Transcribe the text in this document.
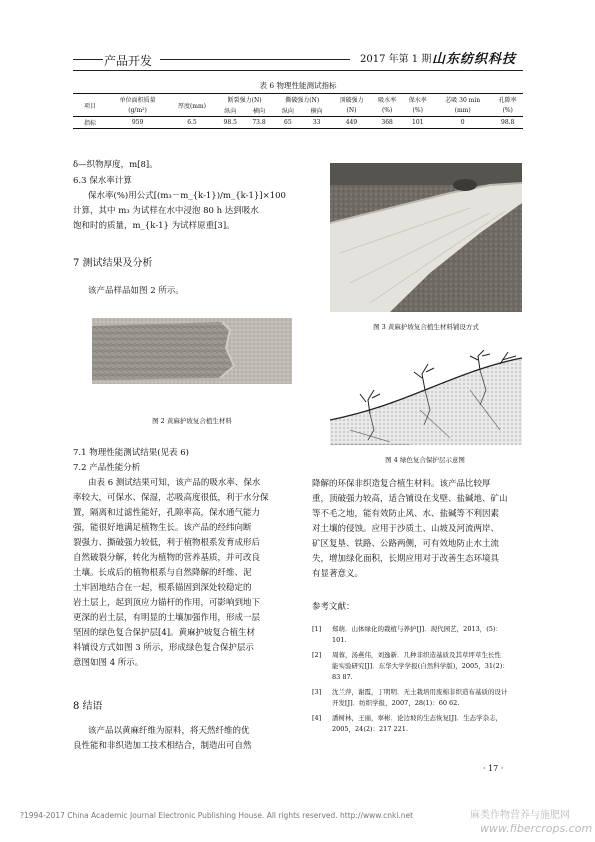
产品开发	2017 年第 1 期 山东纺织科技
表 6 物理性能测试指标
项目	单位面积质量	厚度(mm)	断裂强力(N)		撕破强力(N)		顶破强力	吸水率	保水率	芯吸 30 min	孔隙率
	(g/m²)		纵向	横向	纵向	横向	(N)	(%)	(%)	(mm)	(%)

指标	959	6.5	98.5	73.8	65	33	449	368	101	0	98.8
δ—织物厚度，m[8]。
6.3 保水率计算
保水率(%)用公式[(m₃－m_{k-1})/m_{k-1}]×100
计算，其中 m₃ 为试样在水中浸泡 80 h 达到吸水
饱和时的质量，m_{k-1} 为试样原重[3]。
7 测试结果及分析
该产品样品如图 2 所示。
图 2 黄麻护坡复合植生材料
7.1 物理性能测试结果(见表 6)
7.2 产品性能分析
由表 6 测试结果可知，该产品的吸水率、保水
率较大，可保水、保湿，芯吸高度很低，利于水分保
置，隔离和过滤性能好，孔隙率高，保水通气能力
强，能很好地满足植物生长。该产品的经纬向断
裂强力、撕破强力较低，利于植物根系发育成形后
自然破裂分解，转化为植物的营养基质，并可改良
土壤。长成后的植物根系与自然降解的纤维、泥
土牢固地结合在一起，根系锚固到深处较稳定的
岩土层上，起到顶应力锚杆的作用，可影响到地下
更深的岩土层，有明显的土壤加强作用，形成一层
坚固的绿色复合保护层[4]。黄麻护坡复合植生材
料铺设方式如图 3 所示，形成绿色复合保护层示
意图如图 4 所示。
8 结语
该产品以黄麻纤维为原料，将天然纤维的优
良性能和非织造加工技术相结合，制造出可自然
图 3 黄麻护坡复合植生材料铺设方式
图 4 绿色复合保护层示意图
降解的环保非织造复合植生材料。该产品比较厚
重，顶破强力较高，适合铺设在戈壁、盐碱地、矿山
等不毛之地，能有效防止风、水、盐碱等不利因素
对土壤的侵蚀。应用于沙质土、山坡及河流两岸、
矿区复垦、铁路、公路两侧，可有效地防止水土流
失，增加绿化面积，长期应用对于改善生态环境具
有显著意义。
参考文献：
[1]	郑萌．山体绿化的栽植与养护[J]．现代园艺，2013，(5)：
101.
[2]	周蓉，汤燕伟，刘逸新．几种非织造基质及其草坪草生长性
能实验研究[J]．东华大学学报(自然科学版)，2005，31(2)：
83 87.
[3]	沈兰萍，谢霞，丁明明．无土栽培用废棉非织造布基质的设计
开发[J]．纺织学报，2007，28(1)：60 62.
[4]	潘树林，王丽，辜彬．论边坡的生态恢复[J]．生态学杂志，
2005，24(2)：217 221.
· 17 ·
?1994-2017 China Academic Journal Electronic Publishing House. All rights reserved. http://www.cnki.net	麻类作物营养与施肥网
www.fibercrops.com
